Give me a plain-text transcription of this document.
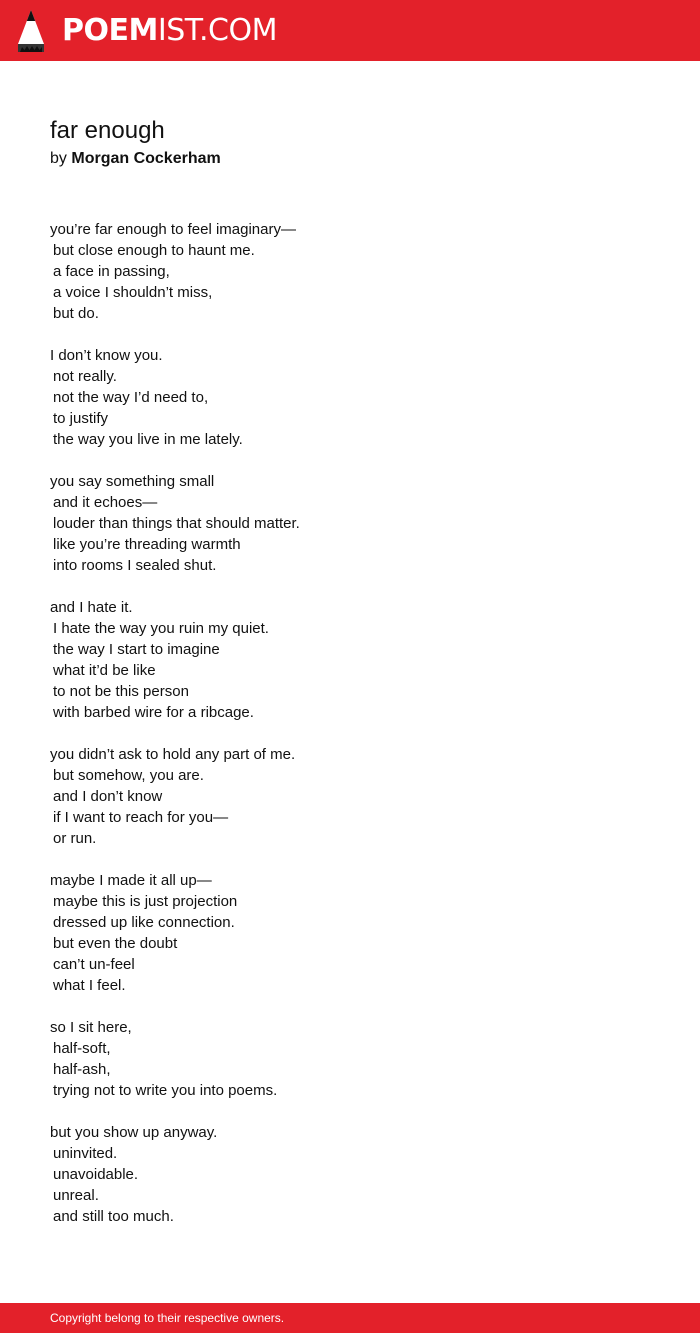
POEMIST.COM
far enough
by Morgan Cockerham
you’re far enough to feel imaginary—
but close enough to haunt me.
a face in passing,
a voice I shouldn’t miss,
but do.
I don’t know you.
not really.
not the way I’d need to,
to justify
the way you live in me lately.
you say something small
and it echoes—
louder than things that should matter.
like you’re threading warmth
into rooms I sealed shut.
and I hate it.
I hate the way you ruin my quiet.
the way I start to imagine
what it’d be like
to not be this person
with barbed wire for a ribcage.
you didn’t ask to hold any part of me.
but somehow, you are.
and I don’t know
if I want to reach for you—
or run.
maybe I made it all up—
maybe this is just projection
dressed up like connection.
but even the doubt
can’t un-feel
what I feel.
so I sit here,
half-soft,
half-ash,
trying not to write you into poems.
but you show up anyway.
uninvited.
unavoidable.
unreal.
and still too much.
Copyright belong to their respective owners.
